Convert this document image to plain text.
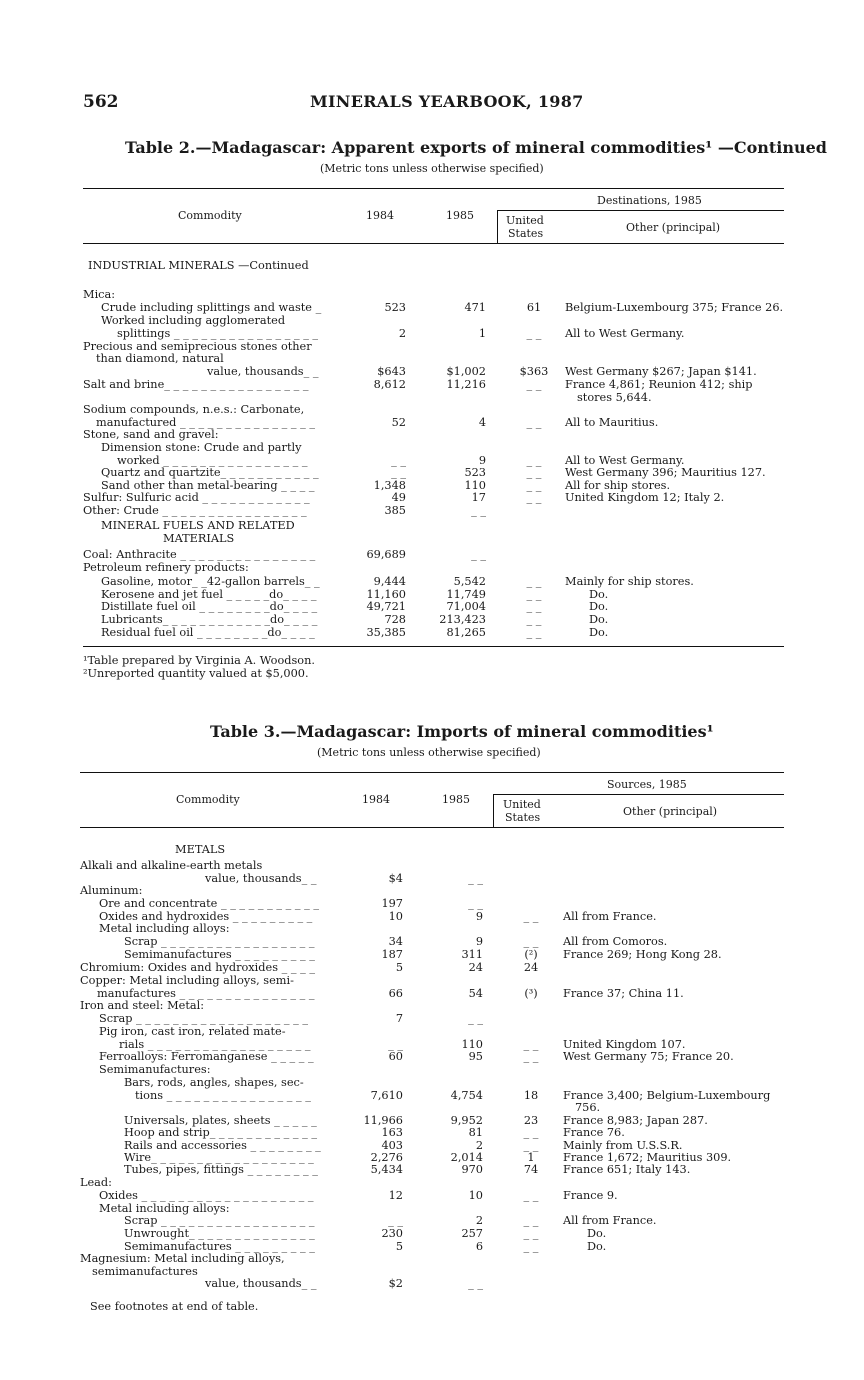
562	MINERALS YEARBOOK, 1987
Table 2.—Madagascar: Apparent exports of mineral commodities¹ —Continued
(Metric tons unless otherwise specified)
Destinations, 1985
Commodity	1984	1985	United
States	Other (principal)
INDUSTRIAL MINERALS —Continued
Mica:
Crude including splittings and waste _	523	471	61	Belgium-Luxembourg 375; France 26.
Worked including agglomerated
splittings _ _ _ _ _ _ _ _ _ _ _ _ _ _ _ _	2	1	_ _	All to West Germany.
Precious and semiprecious stones other
than diamond, natural
value, thousands_ _	$643	$1,002	$363	West Germany $267; Japan $141.
Salt and brine_ _ _ _ _ _ _ _ _ _ _ _ _ _ _ _	8,612	11,216	_ _	France 4,861; Reunion 412; ship
stores 5,644.
Sodium compounds, n.e.s.: Carbonate,
manufactured _ _ _ _ _ _ _ _ _ _ _ _ _ _ _	52	4	_ _	All to Mauritius.
Stone, sand and gravel:
Dimension stone: Crude and partly
worked _ _ _ _ _ _ _ _ _ _ _ _ _ _ _ _	_ _	9	_ _	All to West Germany.
Quartz and quartzite_ _ _ _ _ _ _ _ _ _ _	_ _	523	_ _	West Germany 396; Mauritius 127.
Sand other than metal-bearing _ _ _ _	1,348	110	_ _	All for ship stores.
Sulfur: Sulfuric acid _ _ _ _ _ _ _ _ _ _ _ _	49	17	_ _	United Kingdom 12; Italy 2.
Other: Crude _ _ _ _ _ _ _ _ _ _ _ _ _ _ _ _	385	_ _
MINERAL FUELS AND RELATED
MATERIALS
Coal: Anthracite _ _ _ _ _ _ _ _ _ _ _ _ _ _ _	69,689	_ _
Petroleum refinery products:
Gasoline, motor_ _42-gallon barrels_ _	9,444	5,542	_ _	Mainly for ship stores.
Kerosene and jet fuel _ _ _ _ _do_ _ _ _	11,160	11,749	_ _	Do.
Distillate fuel oil _ _ _ _ _ _ _ _do_ _ _ _	49,721	71,004	_ _	Do.
Lubricants_ _ _ _ _ _ _ _ _ _ _ _do_ _ _ _	728	213,423	_ _	Do.
Residual fuel oil _ _ _ _ _ _ _ _do_ _ _ _	35,385	81,265	_ _	Do.
¹Table prepared by Virginia A. Woodson.
²Unreported quantity valued at $5,000.
Table 3.—Madagascar: Imports of mineral commodities¹
(Metric tons unless otherwise specified)
Sources, 1985
Commodity	1984	1985	United
States	Other (principal)
METALS
Alkali and alkaline-earth metals
value, thousands_ _	$4	_ _
Aluminum:
Ore and concentrate _ _ _ _ _ _ _ _ _ _ _	197	_ _
Oxides and hydroxides _ _ _ _ _ _ _ _ _	10	9	_ _	All from France.
Metal including alloys:
Scrap _ _ _ _ _ _ _ _ _ _ _ _ _ _ _ _ _	34	9	_ _	All from Comoros.
Semimanufactures _ _ _ _ _ _ _ _ _	187	311	(²)	France 269; Hong Kong 28.
Chromium: Oxides and hydroxides _ _ _ _	5	24	24
Copper: Metal including alloys, semi-
manufactures _ _ _ _ _ _ _ _ _ _ _ _ _ _ _	66	54	(³)	France 37; China 11.
Iron and steel: Metal:
Scrap _ _ _ _ _ _ _ _ _ _ _ _ _ _ _ _ _ _ _	7	_ _
Pig iron, cast iron, related mate-
rials _ _ _ _ _ _ _ _ _ _ _ _ _ _ _ _ _ _	_ _	110	_ _	United Kingdom 107.
Ferroalloys: Ferromanganese _ _ _ _ _	60	95	_ _	West Germany 75; France 20.
Semimanufactures:
Bars, rods, angles, shapes, sec-
tions _ _ _ _ _ _ _ _ _ _ _ _ _ _ _ _	7,610	4,754	18	France 3,400; Belgium-Luxembourg
756.
Universals, plates, sheets _ _ _ _ _	11,966	9,952	23	France 8,983; Japan 287.
Hoop and strip_ _ _ _ _ _ _ _ _ _ _ _	163	81	_ _	France 76.
Rails and accessories _ _ _ _ _ _ _ _	403	2	_ _	Mainly from U.S.S.R.
Wire_ _ _ _ _ _ _ _ _ _ _ _ _ _ _ _ _ _	2,276	2,014	1	France 1,672; Mauritius 309.
Tubes, pipes, fittings _ _ _ _ _ _ _ _	5,434	970	74	France 651; Italy 143.
Lead:
Oxides _ _ _ _ _ _ _ _ _ _ _ _ _ _ _ _ _ _ _	12	10	_ _	France 9.
Metal including alloys:
Scrap _ _ _ _ _ _ _ _ _ _ _ _ _ _ _ _ _	_ _	2	_ _	All from France.
Unwrought_ _ _ _ _ _ _ _ _ _ _ _ _ _	230	257	_ _	Do.
Semimanufactures _ _ _ _ _ _ _ _ _	5	6	_ _	Do.
Magnesium: Metal including alloys,
semimanufactures
value, thousands_ _	$2	_ _
See footnotes at end of table.
